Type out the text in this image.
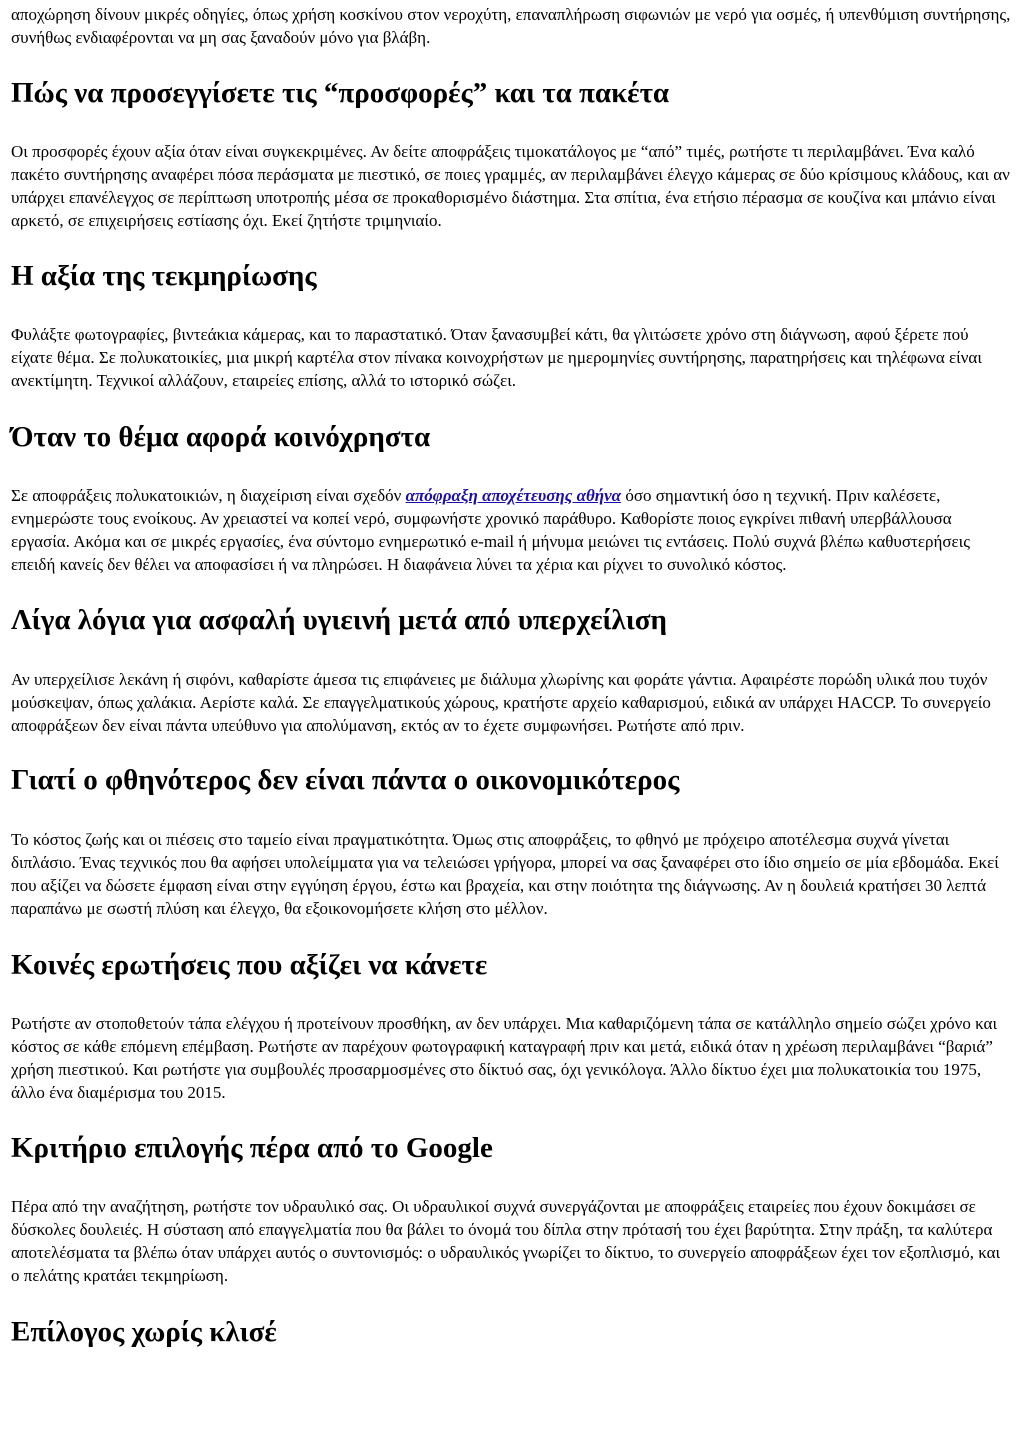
αποχώρηση δίνουν μικρές οδηγίες, όπως χρήση κοσκίνου στον νεροχύτη, επαναπλήρωση σιφωνιών με νερό για οσμές, ή υπενθύμιση συντήρησης, συνήθως ενδιαφέρονται να μη σας ξαναδούν μόνο για βλάβη.

Πώς να προσεγγίσετε τις “προσφορές” και τα πακέτα

Οι προσφορές έχουν αξία όταν είναι συγκεκριμένες. Αν δείτε αποφράξεις τιμοκατάλογος με “από” τιμές, ρωτήστε τι περιλαμβάνει. Ένα καλό πακέτο συντήρησης αναφέρει πόσα περάσματα με πιεστικό, σε ποιες γραμμές, αν περιλαμβάνει έλεγχο κάμερας σε δύο κρίσιμους κλάδους, και αν υπάρχει επανέλεγχος σε περίπτωση υποτροπής μέσα σε προκαθορισμένο διάστημα. Στα σπίτια, ένα ετήσιο πέρασμα σε κουζίνα και μπάνιο είναι αρκετό, σε επιχειρήσεις εστίασης όχι. Εκεί ζητήστε τριμηνιαίο.

Η αξία της τεκμηρίωσης

Φυλάξτε φωτογραφίες, βιντεάκια κάμερας, και το παραστατικό. Όταν ξανασυμβεί κάτι, θα γλιτώσετε χρόνο στη διάγνωση, αφού ξέρετε πού είχατε θέμα. Σε πολυκατοικίες, μια μικρή καρτέλα στον πίνακα κοινοχρήστων με ημερομηνίες συντήρησης, παρατηρήσεις και τηλέφωνα είναι ανεκτίμητη. Τεχνικοί αλλάζουν, εταιρείες επίσης, αλλά το ιστορικό σώζει.

Όταν το θέμα αφορά κοινόχρηστα

Σε αποφράξεις πολυκατοικιών, η διαχείριση είναι σχεδόν απόφραξη αποχέτευσης αθήνα όσο σημαντική όσο η τεχνική. Πριν καλέσετε, ενημερώστε τους ενοίκους. Αν χρειαστεί να κοπεί νερό, συμφωνήστε χρονικό παράθυρο. Καθορίστε ποιος εγκρίνει πιθανή υπερβάλλουσα εργασία. Ακόμα και σε μικρές εργασίες, ένα σύντομο ενημερωτικό e-mail ή μήνυμα μειώνει τις εντάσεις. Πολύ συχνά βλέπω καθυστερήσεις επειδή κανείς δεν θέλει να αποφασίσει ή να πληρώσει. Η διαφάνεια λύνει τα χέρια και ρίχνει το συνολικό κόστος.

Λίγα λόγια για ασφαλή υγιεινή μετά από υπερχείλιση

Αν υπερχείλισε λεκάνη ή σιφόνι, καθαρίστε άμεσα τις επιφάνειες με διάλυμα χλωρίνης και φοράτε γάντια. Αφαιρέστε πορώδη υλικά που τυχόν μούσκεψαν, όπως χαλάκια. Αερίστε καλά. Σε επαγγελματικούς χώρους, κρατήστε αρχείο καθαρισμού, ειδικά αν υπάρχει HACCP. Το συνεργείο αποφράξεων δεν είναι πάντα υπεύθυνο για απολύμανση, εκτός αν το έχετε συμφωνήσει. Ρωτήστε από πριν.

Γιατί ο φθηνότερος δεν είναι πάντα ο οικονομικότερος

Το κόστος ζωής και οι πιέσεις στο ταμείο είναι πραγματικότητα. Όμως στις αποφράξεις, το φθηνό με πρόχειρο αποτέλεσμα συχνά γίνεται διπλάσιο. Ένας τεχνικός που θα αφήσει υπολείμματα για να τελειώσει γρήγορα, μπορεί να σας ξαναφέρει στο ίδιο σημείο σε μία εβδομάδα. Εκεί που αξίζει να δώσετε έμφαση είναι στην εγγύηση έργου, έστω και βραχεία, και στην ποιότητα της διάγνωσης. Αν η δουλειά κρατήσει 30 λεπτά παραπάνω με σωστή πλύση και έλεγχο, θα εξοικονομήσετε κλήση στο μέλλον.

Κοινές ερωτήσεις που αξίζει να κάνετε

Ρωτήστε αν στοποθετούν τάπα ελέγχου ή προτείνουν προσθήκη, αν δεν υπάρχει. Μια καθαριζόμενη τάπα σε κατάλληλο σημείο σώζει χρόνο και κόστος σε κάθε επόμενη επέμβαση. Ρωτήστε αν παρέχουν φωτογραφική καταγραφή πριν και μετά, ειδικά όταν η χρέωση περιλαμβάνει “βαριά” χρήση πιεστικού. Και ρωτήστε για συμβουλές προσαρμοσμένες στο δίκτυό σας, όχι γενικόλογα. Άλλο δίκτυο έχει μια πολυκατοικία του 1975, άλλο ένα διαμέρισμα του 2015.

Κριτήριο επιλογής πέρα από το Google

Πέρα από την αναζήτηση, ρωτήστε τον υδραυλικό σας. Οι υδραυλικοί συχνά συνεργάζονται με αποφράξεις εταιρείες που έχουν δοκιμάσει σε δύσκολες δουλειές. Η σύσταση από επαγγελματία που θα βάλει το όνομά του δίπλα στην πρότασή του έχει βαρύτητα. Στην πράξη, τα καλύτερα αποτελέσματα τα βλέπω όταν υπάρχει αυτός ο συντονισμός: ο υδραυλικός γνωρίζει το δίκτυο, το συνεργείο αποφράξεων έχει τον εξοπλισμό, και ο πελάτης κρατάει τεκμηρίωση.

Επίλογος χωρίς κλισέ
